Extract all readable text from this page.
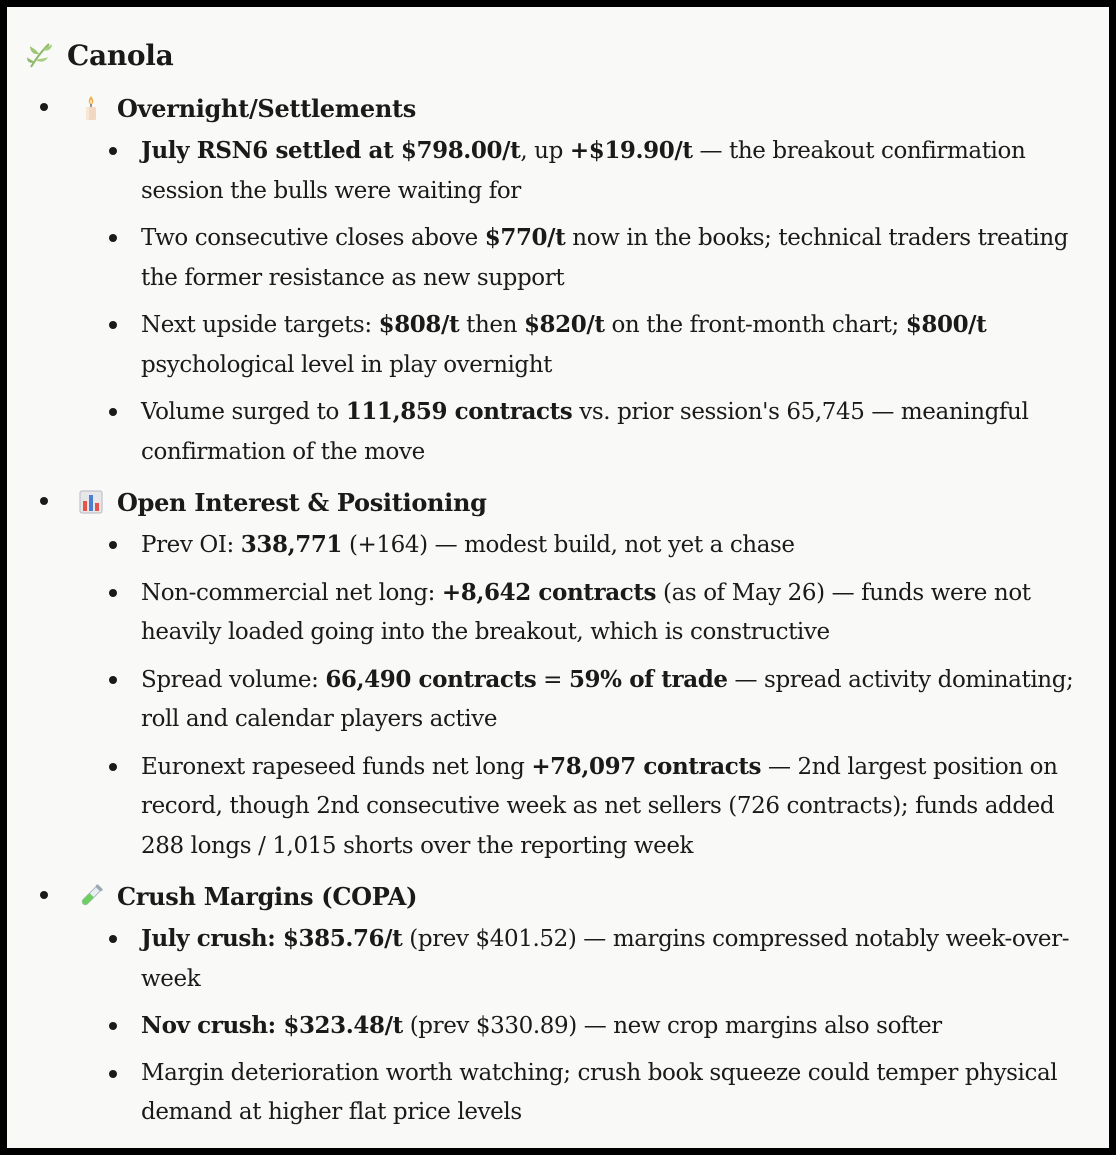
Canola
Overnight/Settlements
July RSN6 settled at $798.00/t, up +$19.90/t — the breakout confirmation session the bulls were waiting for
Two consecutive closes above $770/t now in the books; technical traders treating the former resistance as new support
Next upside targets: $808/t then $820/t on the front-month chart; $800/t psychological level in play overnight
Volume surged to 111,859 contracts vs. prior session's 65,745 — meaningful confirmation of the move
Open Interest & Positioning
Prev OI: 338,771 (+164) — modest build, not yet a chase
Non-commercial net long: +8,642 contracts (as of May 26) — funds were not heavily loaded going into the breakout, which is constructive
Spread volume: 66,490 contracts = 59% of trade — spread activity dominating; roll and calendar players active
Euronext rapeseed funds net long +78,097 contracts — 2nd largest position on record, though 2nd consecutive week as net sellers (726 contracts); funds added 288 longs / 1,015 shorts over the reporting week
Crush Margins (COPA)
July crush: $385.76/t (prev $401.52) — margins compressed notably week-over-week
Nov crush: $323.48/t (prev $330.89) — new crop margins also softer
Margin deterioration worth watching; crush book squeeze could temper physical demand at higher flat price levels
